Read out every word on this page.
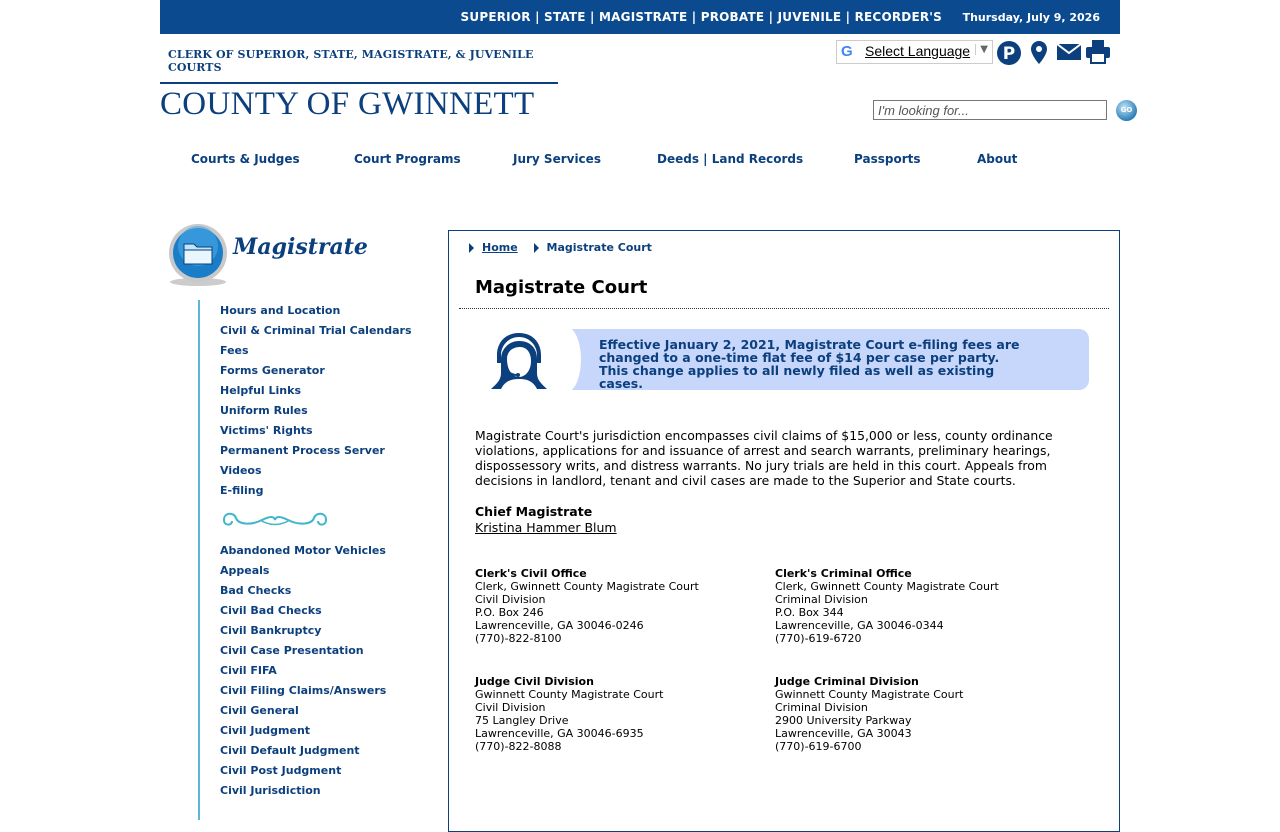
SUPERIOR | STATE | MAGISTRATE | PROBATE | JUVENILE | RECORDER'S Thursday, July 9, 2026
CLERK OF SUPERIOR, STATE, MAGISTRATE, & JUVENILE COURTS
COUNTY OF GWINNETT
G Select Language	▼ P
I'm looking for...	GO
Courts & Judges	Court Programs	Jury Services	Deeds | Land Records	Passports	About
Magistrate
Hours and Location
Civil & Criminal Trial Calendars
Fees
Forms Generator
Helpful Links
Uniform Rules
Victims' Rights
Permanent Process Server
Videos
E-filing
Abandoned Motor Vehicles
Appeals
Bad Checks
Civil Bad Checks
Civil Bankruptcy
Civil Case Presentation
Civil FIFA
Civil Filing Claims/Answers
Civil General
Civil Judgment
Civil Default Judgment
Civil Post Judgment
Civil Jurisdiction
Home	Magistrate Court
Magistrate Court
Effective January 2, 2021, Magistrate Court e-filing fees are changed to a one-time flat fee of $14 per case per party. This change applies to all newly filed as well as existing cases.
Magistrate Court's jurisdiction encompasses civil claims of $15,000 or less, county ordinance violations, applications for and issuance of arrest and search warrants, preliminary hearings, dispossessory writs, and distress warrants. No jury trials are held in this court. Appeals from decisions in landlord, tenant and civil cases are made to the Superior and State courts.
Chief Magistrate
Kristina Hammer Blum
Clerk's Civil Office
Clerk, Gwinnett County Magistrate Court
Civil Division
P.O. Box 246
Lawrenceville, GA 30046-0246
(770)-822-8100
Clerk's Criminal Office
Clerk, Gwinnett County Magistrate Court
Criminal Division
P.O. Box 344
Lawrenceville, GA 30046-0344
(770)-619-6720
Judge Civil Division
Gwinnett County Magistrate Court
Civil Division
75 Langley Drive
Lawrenceville, GA 30046-6935
(770)-822-8088
Judge Criminal Division
Gwinnett County Magistrate Court
Criminal Division
2900 University Parkway
Lawrenceville, GA 30043
(770)-619-6700
